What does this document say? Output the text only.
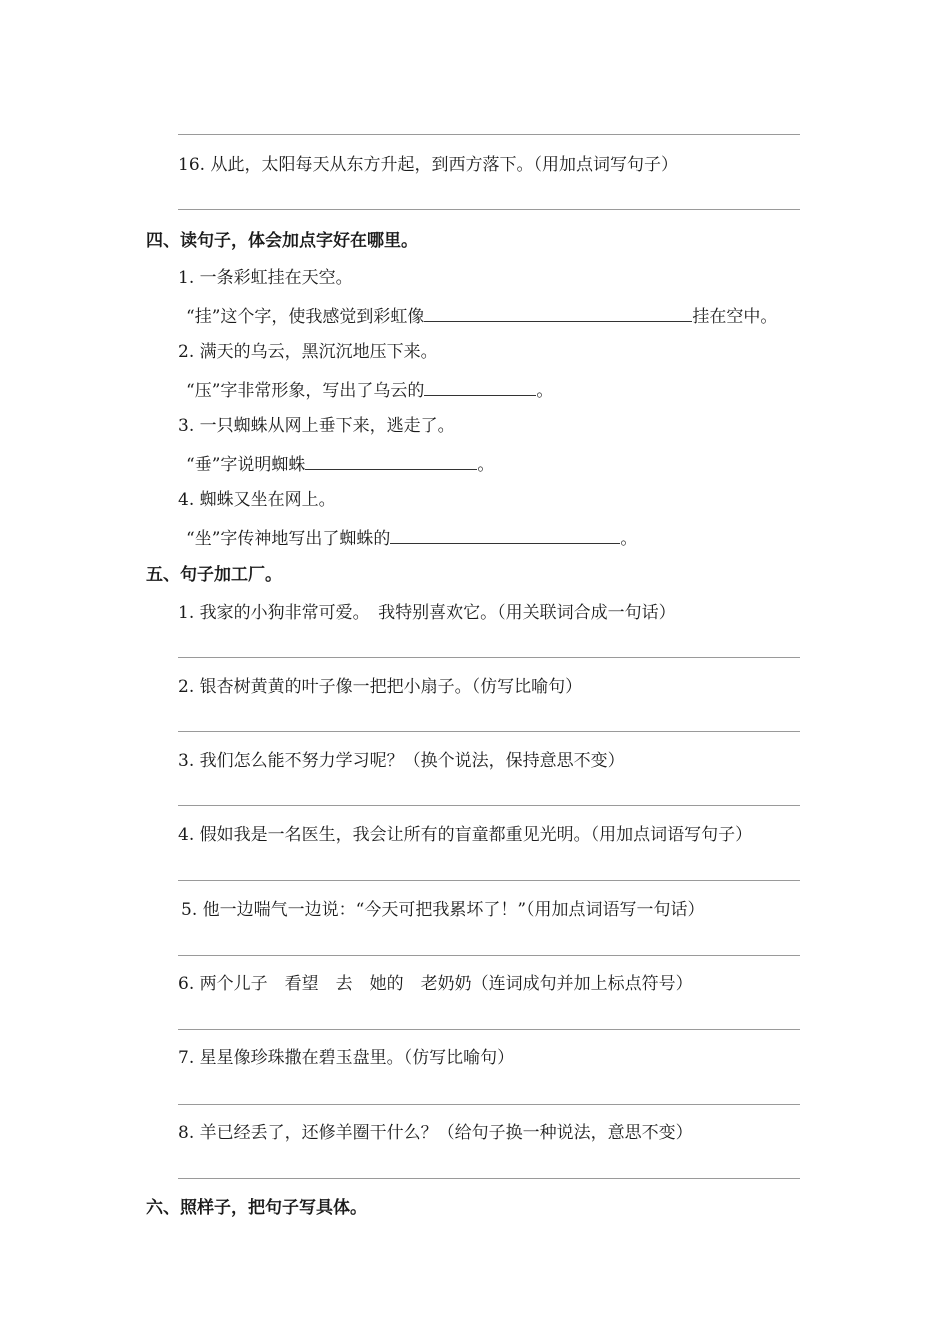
16. 从此，太阳每天从东方升起，到西方落下。（用加点词写句子）
四、读句子，体会加点字好在哪里。
1. 一条彩虹挂在天空。
“挂”这个字，使我感觉到彩虹像	挂在空中。
2. 满天的乌云，黑沉沉地压下来。
“压”字非常形象，写出了乌云的	。
3. 一只蜘蛛从网上垂下来，逃走了。
“垂”字说明蜘蛛	。
4. 蜘蛛又坐在网上。
“坐”字传神地写出了蜘蛛的	。
五、句子加工厂。
1. 我家的小狗非常可爱。　我特别喜欢它。（用关联词合成一句话）
2. 银杏树黄黄的叶子像一把把小扇子。（仿写比喻句）
3. 我们怎么能不努力学习呢？（换个说法，保持意思不变）
4. 假如我是一名医生，我会让所有的盲童都重见光明。（用加点词语写句子）
5. 他一边喘气一边说：“今天可把我累坏了！”（用加点词语写一句话）
6. 两个儿子　看望　去　她的　老奶奶（连词成句并加上标点符号）
7. 星星像珍珠撒在碧玉盘里。（仿写比喻句）
8. 羊已经丢了，还修羊圈干什么？（给句子换一种说法，意思不变）
六、照样子，把句子写具体。
